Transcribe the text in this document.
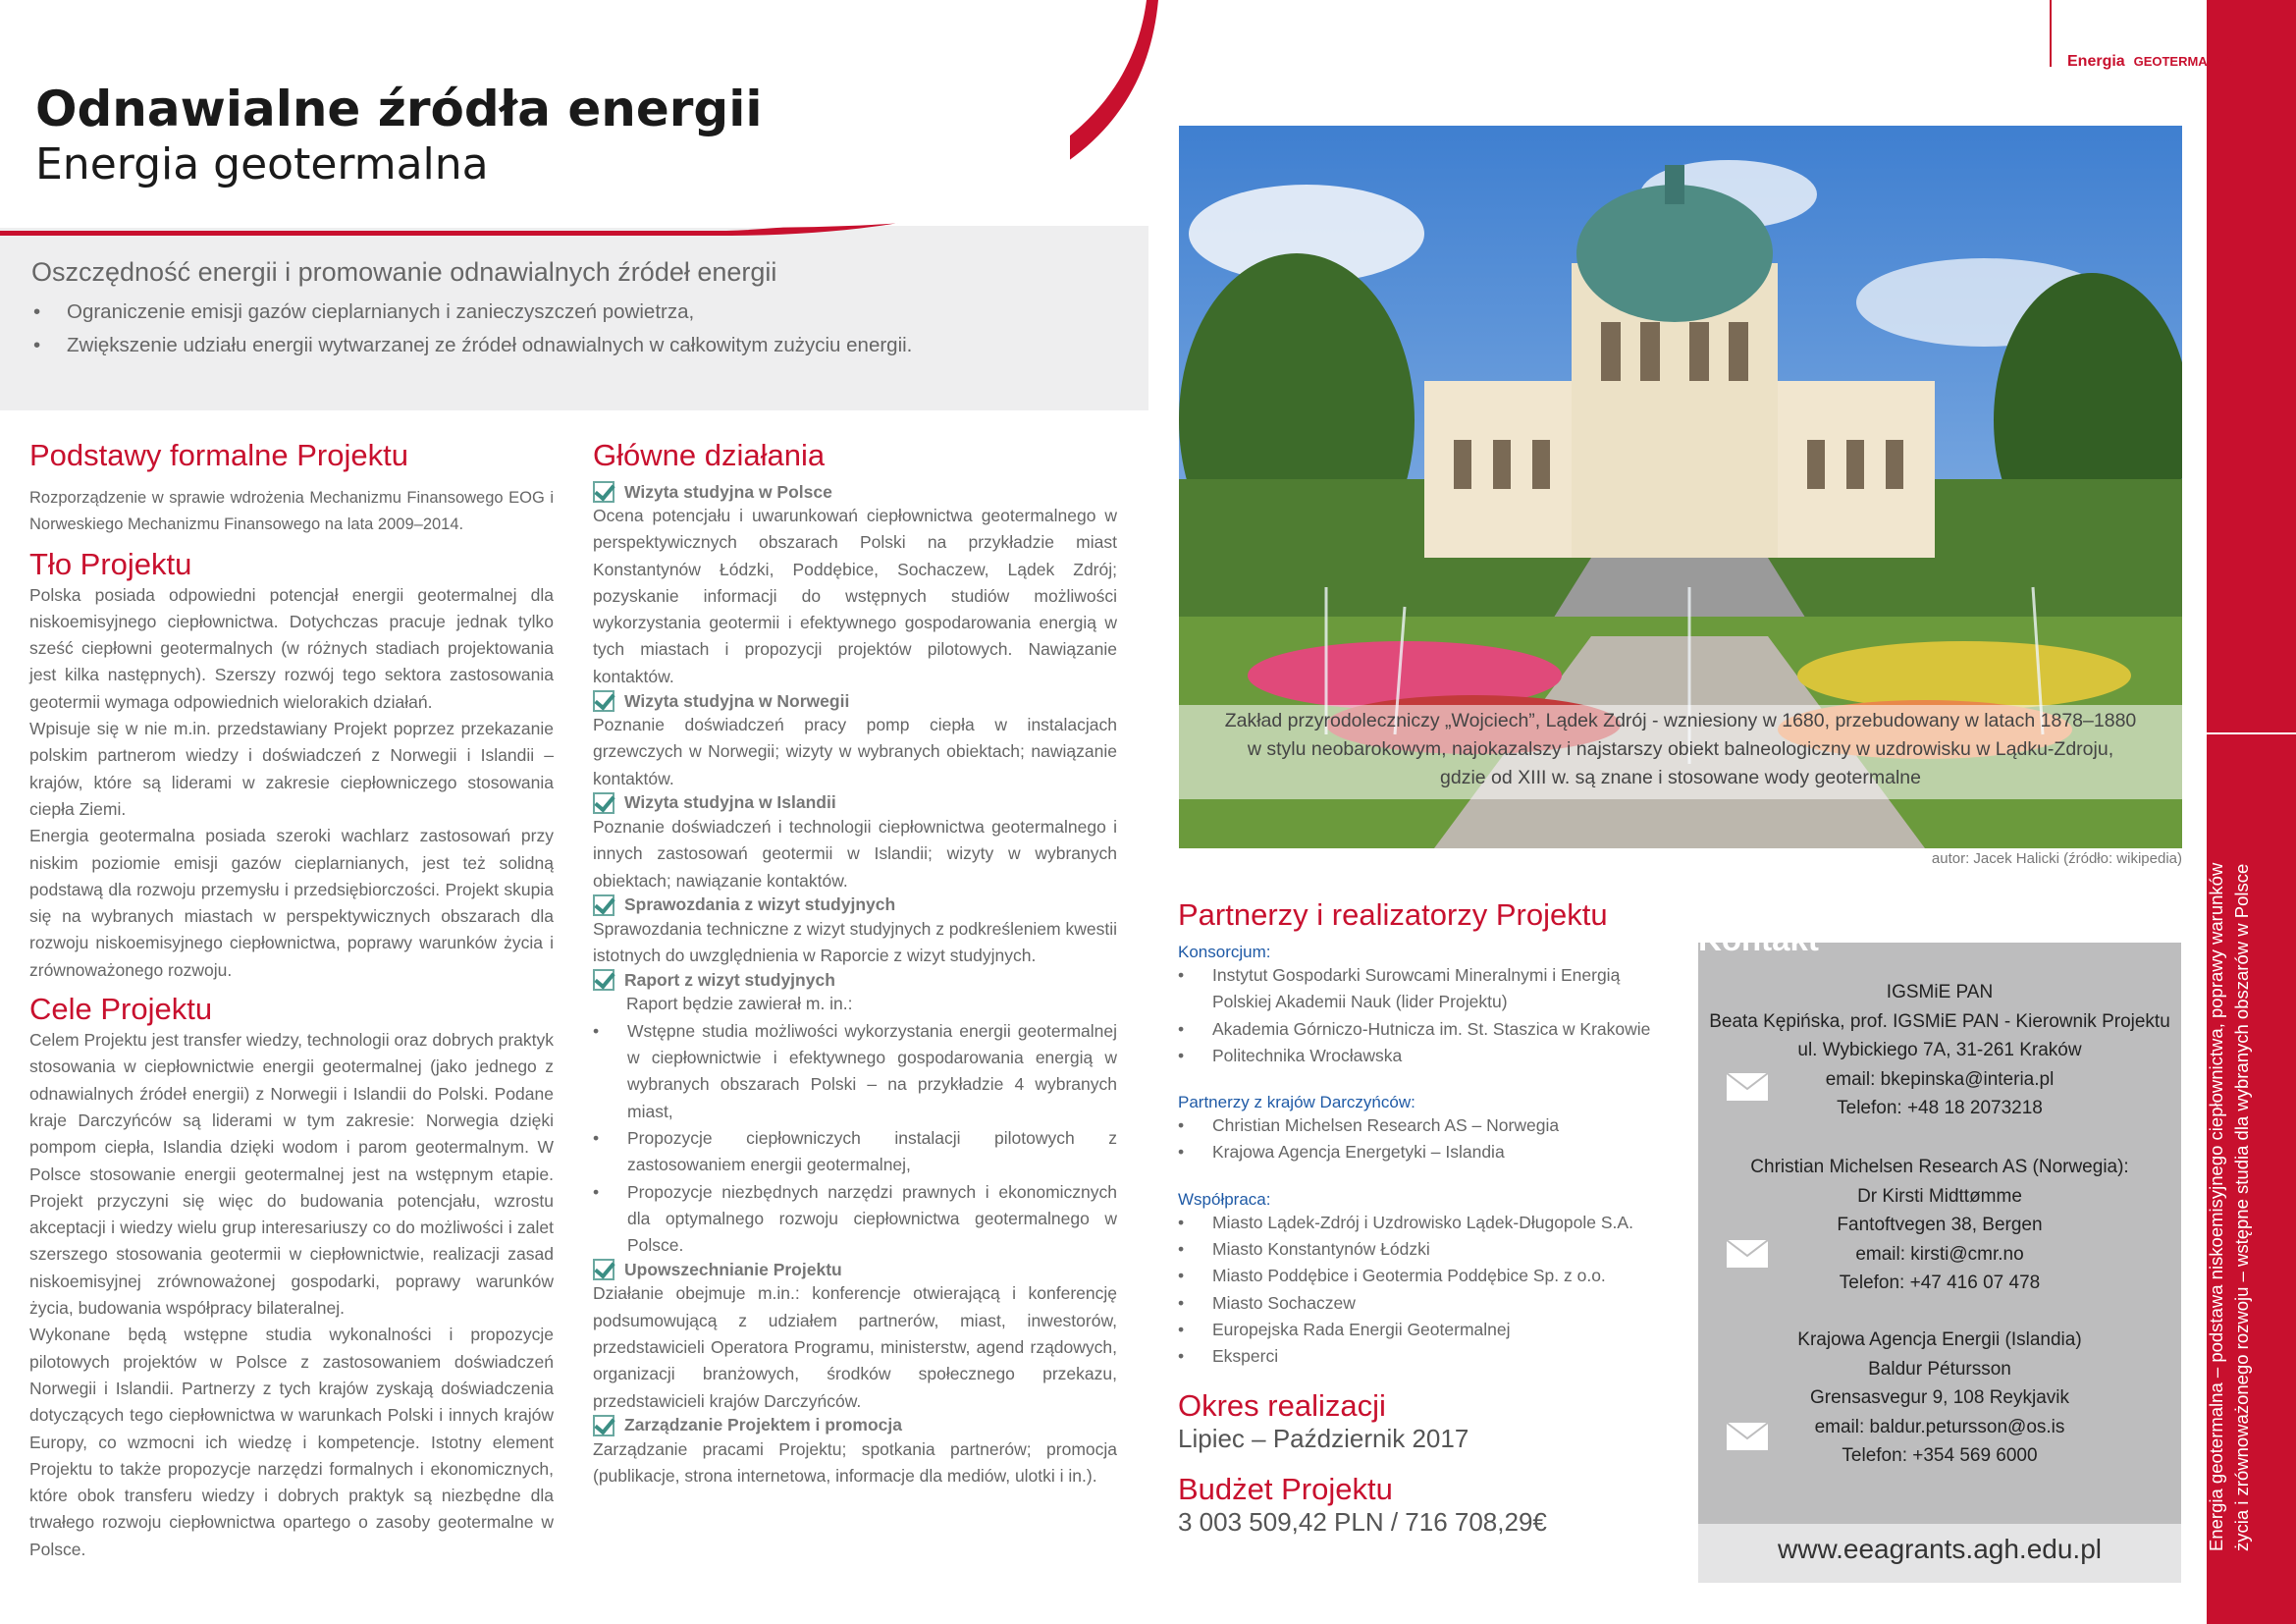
Odnawialne źródła energii
Energia geotermalna
Oszczędność energii i promowanie odnawialnych źródeł energii
• Ograniczenie emisji gazów cieplarnianych i zanieczyszczeń powietrza,
• Zwiększenie udziału energii wytwarzanej ze źródeł odnawialnych w całkowitym zużyciu energii.
Podstawy formalne Projektu
Rozporządzenie w sprawie wdrożenia Mechanizmu Finansowego EOG i Norweskiego Mechanizmu Finansowego na lata 2009–2014.
Tło Projektu
Polska posiada odpowiedni potencjał energii geotermalnej dla niskoemisyjnego ciepłownictwa. Dotychczas pracuje jednak tylko sześć ciepłowni geotermalnych (w różnych stadiach projektowania jest kilka następnych). Szerszy rozwój tego sektora zastosowania geotermii wymaga odpowiednich wielorakich działań.
Wpisuje się w nie m.in. przedstawiany Projekt poprzez przekazanie polskim partnerom wiedzy i doświadczeń z Norwegii i Islandii – krajów, które są liderami w zakresie ciepłowniczego stosowania ciepła Ziemi.
Energia geotermalna posiada szeroki wachlarz zastosowań przy niskim poziomie emisji gazów cieplarnianych, jest też solidną podstawą dla rozwoju przemysłu i przedsiębiorczości. Projekt skupia się na wybranych miastach w perspektywicznych obszarach dla rozwoju niskoemisyjnego ciepłownictwa, poprawy warunków życia i zrównoważonego rozwoju.
Cele Projektu
Celem Projektu jest transfer wiedzy, technologii oraz dobrych praktyk stosowania w ciepłownictwie energii geotermalnej (jako jednego z odnawialnych źródeł energii) z Norwegii i Islandii do Polski. Podane kraje Darczyńców są liderami w tym zakresie: Norwegia dzięki pompom ciepła, Islandia dzięki wodom i parom geotermalnym. W Polsce stosowanie energii geotermalnej jest na wstępnym etapie. Projekt przyczyni się więc do budowania potencjału, wzrostu akceptacji i wiedzy wielu grup interesariuszy co do możliwości i zalet szerszego stosowania geotermii w ciepłownictwie, realizacji zasad niskoemisyjnej zrównoważonej gospodarki, poprawy warunków życia, budowania współpracy bilateralnej.
Wykonane będą wstępne studia wykonalności i propozycje pilotowych projektów w Polsce z zastosowaniem doświadczeń Norwegii i Islandii. Partnerzy z tych krajów zyskają doświadczenia dotyczących tego ciepłownictwa w warunkach Polski i innych krajów Europy, co wzmocni ich wiedzę i kompetencje. Istotny element Projektu to także propozycje narzędzi formalnych i ekonomicznych, które obok transferu wiedzy i dobrych praktyk są niezbędne dla trwałego rozwoju ciepłownictwa opartego o zasoby geotermalne w Polsce.
Główne działania
Wizyta studyjna w Polsce
Ocena potencjału i uwarunkowań ciepłownictwa geotermalnego w perspektywicznych obszarach Polski na przykładzie miast Konstantynów Łódzki, Poddębice, Sochaczew, Lądek Zdrój; pozyskanie informacji do wstępnych studiów możliwości wykorzystania geotermii i efektywnego gospodarowania energią w tych miastach i propozycji projektów pilotowych. Nawiązanie kontaktów.
Wizyta studyjna w Norwegii
Poznanie doświadczeń pracy pomp ciepła w instalacjach grzewczych w Norwegii; wizyty w wybranych obiektach; nawiązanie kontaktów.
Wizyta studyjna w Islandii
Poznanie doświadczeń i technologii ciepłownictwa geotermalnego i innych zastosowań geotermii w Islandii; wizyty w wybranych obiektach; nawiązanie kontaktów.
Sprawozdania z wizyt studyjnych
Sprawozdania techniczne z wizyt studyjnych z podkreśleniem kwestii istotnych do uwzględnienia w Raporcie z wizyt studyjnych.
Raport z wizyt studyjnych
Raport będzie zawierał m. in.:
• Wstępne studia możliwości wykorzystania energii geotermalnej w ciepłownictwie i efektywnego gospodarowania energią w wybranych obszarach Polski – na przykładzie 4 wybranych miast,
• Propozycje ciepłowniczych instalacji pilotowych z zastosowaniem energii geotermalnej,
• Propozycje niezbędnych narzędzi prawnych i ekonomicznych dla optymalnego rozwoju ciepłownictwa geotermalnego w Polsce.
Upowszechnianie Projektu
Działanie obejmuje m.in.: konferencje otwierającą i konferencję podsumowującą z udziałem partnerów, miast, inwestorów, przedstawicieli Operatora Programu, ministerstw, agend rządowych, organizacji branżowych, środków społecznego przekazu, przedstawicieli krajów Darczyńców.
Zarządzanie Projektem i promocja
Zarządzanie pracami Projektu; spotkania partnerów; promocja (publikacje, strona internetowa, informacje dla mediów, ulotki i in.).
Zakład przyrodoleczniczy „Wojciech”, Lądek Zdrój - wzniesiony w 1680, przebudowany w latach 1878–1880
w stylu neobarokowym, najokazalszy i najstarszy obiekt balneologiczny w uzdrowisku w Lądku-Zdroju,
gdzie od XIII w. są znane i stosowane wody geotermalne
autor: Jacek Halicki (źródło: wikipedia)
Partnerzy i realizatorzy Projektu
Konsorcjum:
• Instytut Gospodarki Surowcami Mineralnymi i Energią Polskiej Akademii Nauk (lider Projektu)
• Akademia Górniczo-Hutnicza im. St. Staszica w Krakowie
• Politechnika Wrocławska
Partnerzy z krajów Darczyńców:
• Christian Michelsen Research AS – Norwegia
• Krajowa Agencja Energetyki – Islandia
Współpraca:
• Miasto Lądek-Zdrój i Uzdrowisko Lądek-Długopole S.A.
• Miasto Konstantynów Łódzki
• Miasto Poddębice i Geotermia Poddębice Sp. z o.o.
• Miasto Sochaczew
• Europejska Rada Energii Geotermalnej
• Eksperci
Okres realizacji
Lipiec – Październik 2017
Budżet Projektu
3 003 509,42 PLN / 716 708,29€
Kontakt
IGSMiE PAN
Beata Kępińska, prof. IGSMiE PAN - Kierownik Projektu
ul. Wybickiego 7A, 31-261 Kraków
email: bkepinska@interia.pl
Telefon: +48 18 2073218
Christian Michelsen Research AS (Norwegia):
Dr Kirsti Midttømme
Fantoftvegen 38, Bergen
email: kirsti@cmr.no
Telefon: +47 416 07 478
Krajowa Agencja Energii (Islandia)
Baldur Pétursson
Grensasvegur 9, 108 Reykjavik
email: baldur.petursson@os.is
Telefon: +354 569 6000
www.eeagrants.agh.edu.pl
Energia GEOTERMALNA
Energia geotermalna – podstawa niskoemisyjnego ciepłownictwa, poprawy warunków życia i zrównoważonego rozwoju – wstępne studia dla wybranych obszarów w Polsce
